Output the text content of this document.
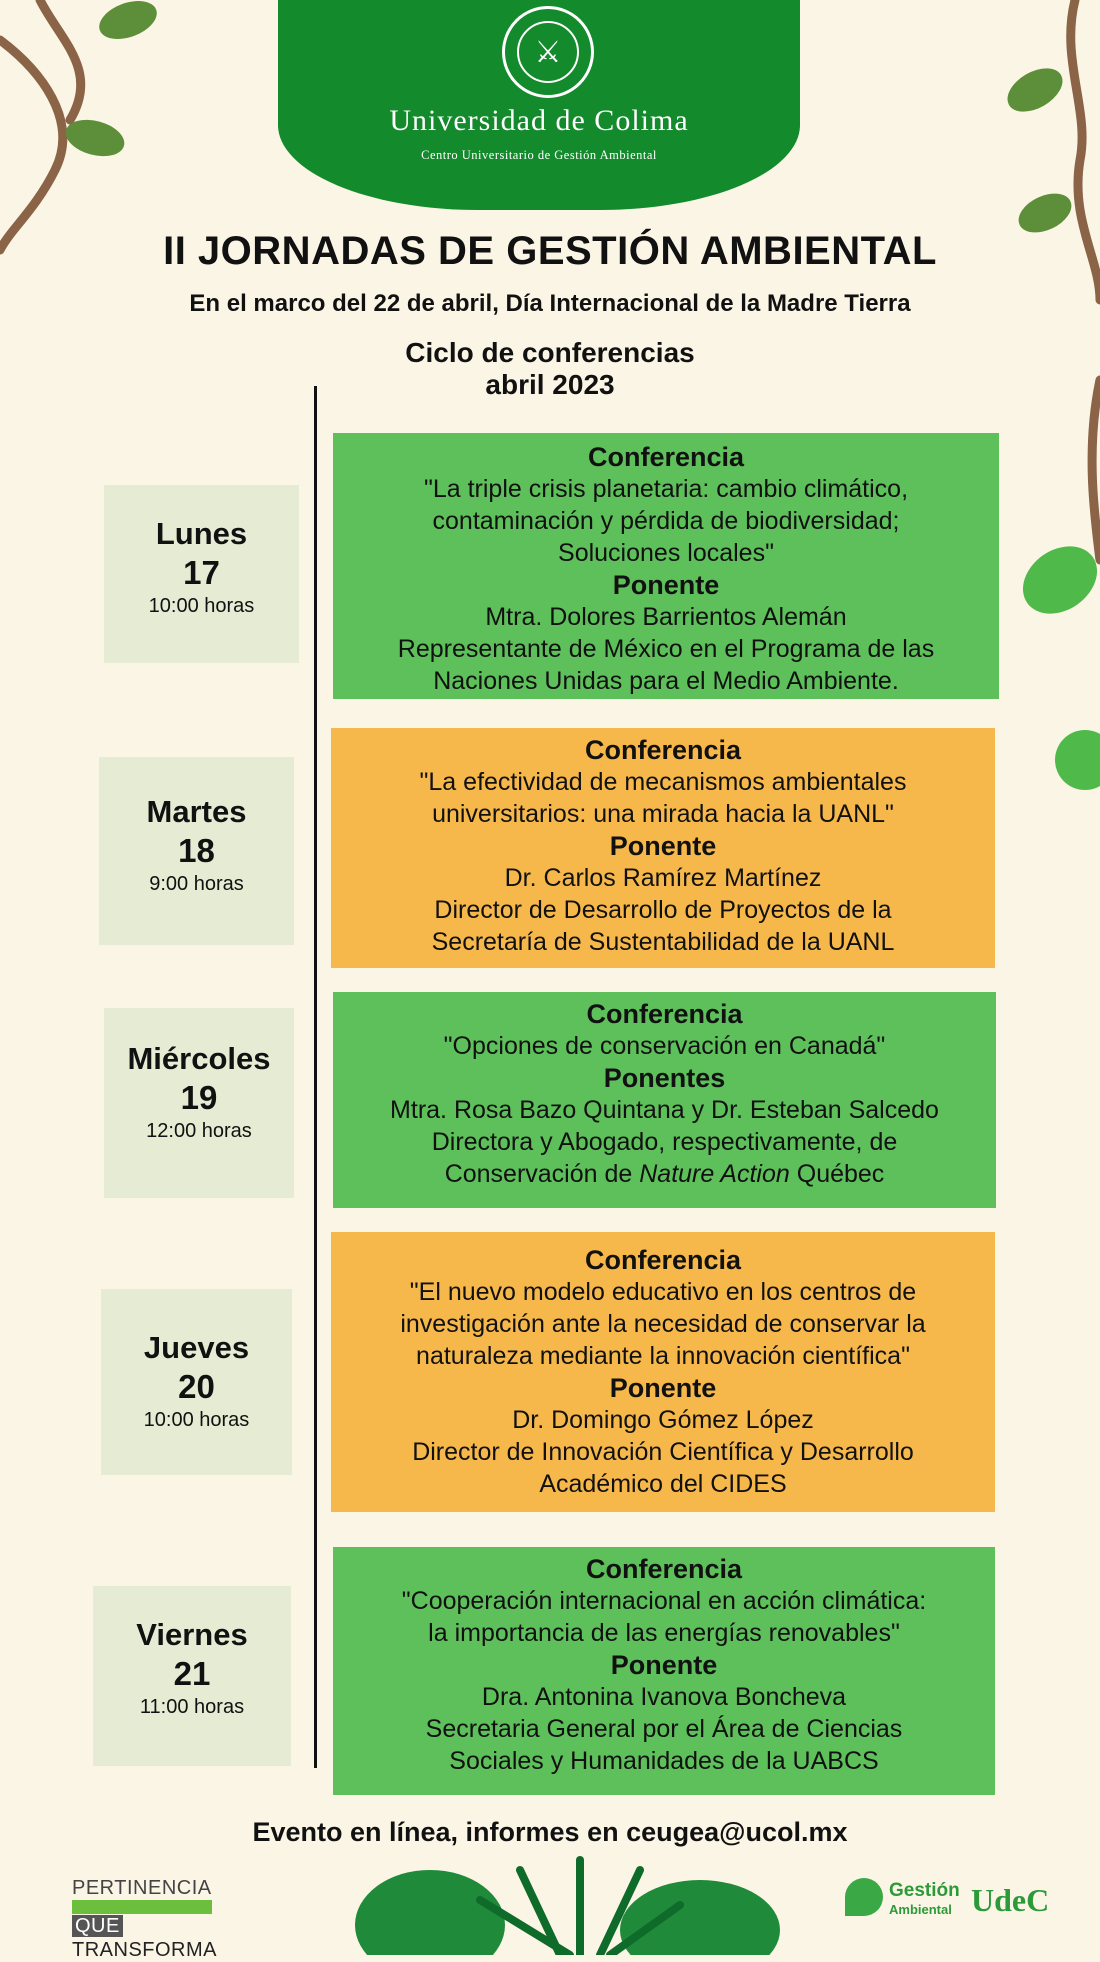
⚔
Universidad de Colima
Centro Universitario de Gestión Ambiental
II JORNADAS DE GESTIÓN AMBIENTAL
En el marco del 22 de abril, Día Internacional de la Madre Tierra
Ciclo de conferencias
abril 2023
Lunes
17
10:00 horas
Martes
18
9:00 horas
Miércoles
19
12:00 horas
Jueves
20
10:00 horas
Viernes
21
11:00 horas
Conferencia
"La triple crisis planetaria: cambio climático,
contaminación y pérdida de biodiversidad;
Soluciones locales"
Ponente
Mtra. Dolores Barrientos Alemán
Representante de México en el Programa de las
Naciones Unidas para el Medio Ambiente.
Conferencia
"La efectividad de mecanismos ambientales
universitarios: una mirada hacia la UANL"
Ponente
Dr. Carlos Ramírez Martínez
Director de Desarrollo de Proyectos de la
Secretaría de Sustentabilidad de la UANL
Conferencia
"Opciones de conservación en Canadá"
Ponentes
Mtra. Rosa Bazo Quintana y Dr. Esteban Salcedo
Directora y Abogado, respectivamente, de
Conservación de Nature Action Québec
Conferencia
"El nuevo modelo educativo en los centros de
investigación ante la necesidad de conservar la
naturaleza mediante la innovación científica"
Ponente
Dr. Domingo Gómez López
Director de Innovación Científica y Desarrollo
Académico del CIDES
Conferencia
"Cooperación internacional en acción climática:
la importancia de las energías renovables"
Ponente
Dra. Antonina Ivanova Boncheva
Secretaria General por el Área de Ciencias
Sociales y Humanidades de la UABCS
Evento en línea, informes en ceugea@ucol.mx
PERTINENCIA
QUE TRANSFORMA
Gestión
Ambiental UdeC
